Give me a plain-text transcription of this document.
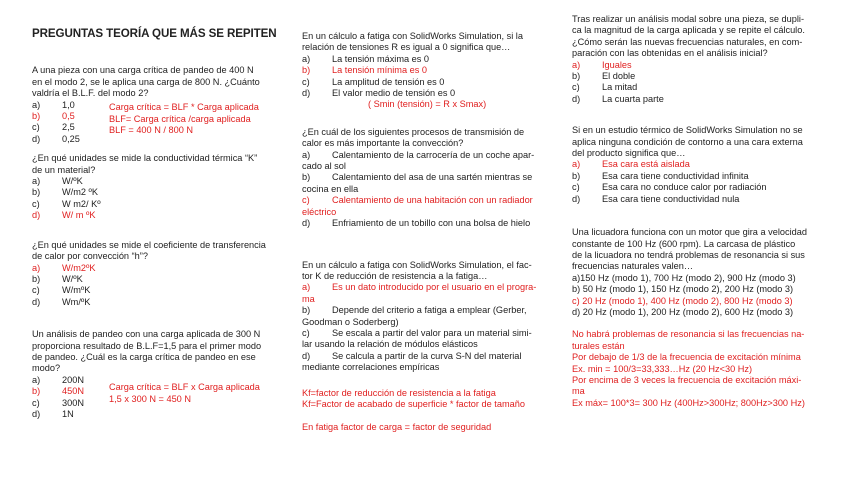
PREGUNTAS TEORÍA QUE MÁS SE REPITEN
A una pieza con una carga crítica de pandeo de 400 N
en el modo 2, se le aplica una carga de 800 N. ¿Cuánto
valdría el B.L.F. del modo 2?
a)	1,0
b)	0,5
c)	2,5
d)	0,25
Carga crítica = BLF * Carga aplicada
BLF= Carga crítica /carga aplicada
BLF = 400 N / 800 N
¿En qué unidades se mide la conductividad térmica “K”
de un material?
a)	W/ºK
b)	W/m2 ºK
c)	W m2/ Kº
d)	W/ m ºK
¿En qué unidades se mide el coeficiente de transferencia
de calor por convección “h”?
a)	W/m2ºK
b)	W/ºK
c)	W/mºK
d)	Wm/ºK
Un análisis de pandeo con una carga aplicada de 300 N
proporciona resultado de B.L.F=1,5 para el primer modo
de pandeo. ¿Cuál es la carga crítica de pandeo en ese
modo?
a)	200N
b)	450N
c)	300N
d)	1N
Carga crítica = BLF x Carga aplicada
1,5 x 300 N = 450 N
En un cálculo a fatiga con SolidWorks Simulation, si la
relación de tensiones R es igual a 0 significa que…
a)	La tensión máxima es 0
b)	La tensión mínima es 0
c)	La amplitud de tensión es 0
d)	El valor medio de tensión es 0
( Smin (tensión) = R x Smax)
¿En cuál de los siguientes procesos de transmisión de
calor es más importante la convección?
a)	Calentamiento de la carrocería de un coche apar-
cado al sol
b)	Calentamiento del asa de una sartén mientras se
cocina en ella
c)	Calentamiento de una habitación con un radiador
eléctrico
d)	Enfriamiento de un tobillo con una bolsa de hielo
En un cálculo a fatiga con SolidWorks Simulation, el fac-
tor K de reducción de resistencia a la fatiga…
a)	Es un dato introducido por el usuario en el progra-
ma
b)	Depende del criterio a fatiga a emplear (Gerber,
Goodman o Soderberg)
c)	Se escala a partir del valor para un material simi-
lar usando la relación de módulos elásticos
d)	Se calcula a partir de la curva S-N del material
mediante correlaciones empíricas
Kf=factor de reducción de resistencia a la fatiga
Kf=Factor de acabado de superficie * factor de tamaño
En fatiga factor de carga = factor de seguridad
Tras realizar un análisis modal sobre una pieza, se dupli-
ca la magnitud de la carga aplicada y se repite el cálculo.
¿Cómo serán las nuevas frecuencias naturales, en com-
paración con las obtenidas en el análisis inicial?
a)	Iguales
b)	El doble
c)	La mitad
d)	La cuarta parte
Si en un estudio térmico de SolidWorks Simulation no se
aplica ninguna condición de contorno a una cara externa
del producto significa que…
a)	Esa cara está aislada
b)	Esa cara tiene conductividad infinita
c)	Esa cara no conduce calor por radiación
d)	Esa cara tiene conductividad nula
Una licuadora funciona con un motor que gira a velocidad
constante de 100 Hz (600 rpm). La carcasa de plástico
de la licuadora no tendrá problemas de resonancia si sus
frecuencias naturales valen…
a)150 Hz (modo 1), 700 Hz (modo 2), 900 Hz (modo 3)
b) 50 Hz (modo 1), 150 Hz (modo 2), 200 Hz (modo 3)
c) 20 Hz (modo 1), 400 Hz (modo 2), 800 Hz (modo 3)
d) 20 Hz (modo 1), 200 Hz (modo 2), 600 Hz (modo 3)
No habrá problemas de resonancia si las frecuencias na-
turales están
Por debajo de 1/3 de la frecuencia de excitación mínima
Ex. min = 100/3=33,333…Hz (20 Hz<30 Hz)
Por encima de 3 veces la frecuencia de excitación máxi-
ma
Ex máx= 100*3= 300 Hz (400Hz>300Hz; 800Hz>300 Hz)
